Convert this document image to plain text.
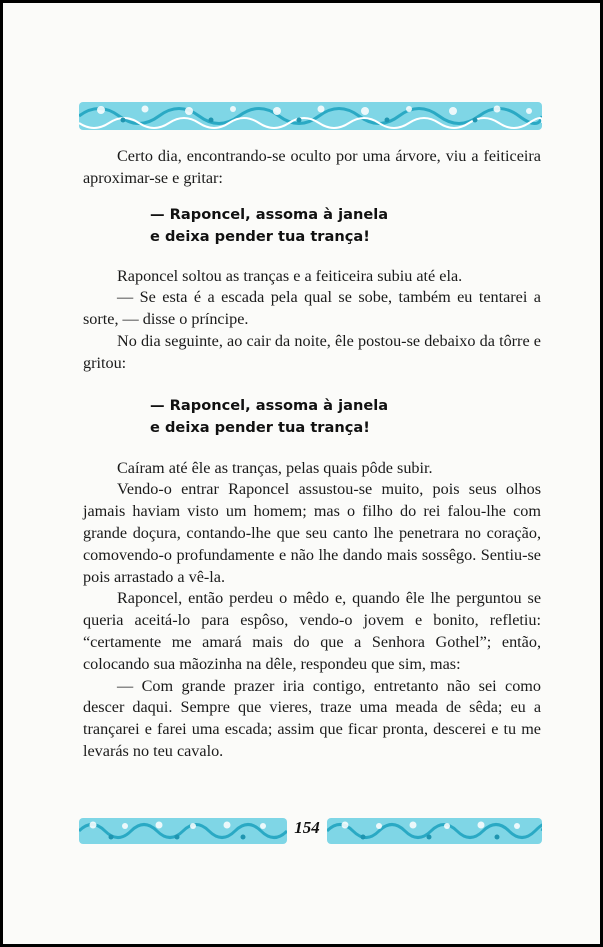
Certo dia, encontrando-se oculto por uma árvore, viu a feiticeira aproximar-se e gritar:

— Raponcel, assoma à janela
e deixa pender tua trança!

Raponcel soltou as tranças e a feiticeira subiu até ela.

— Se esta é a escada pela qual se sobe, também eu tentarei a sorte, — disse o príncipe.

No dia seguinte, ao cair da noite, êle postou-se debaixo da tôrre e gritou:

— Raponcel, assoma à janela
e deixa pender tua trança!

Caíram até êle as tranças, pelas quais pôde subir.

Vendo-o entrar Raponcel assustou-se muito, pois seus olhos jamais haviam visto um homem; mas o filho do rei falou-lhe com grande doçura, contando-lhe que seu canto lhe penetrara no coração, comovendo-o profundamente e não lhe dando mais sossêgo. Sentiu-se pois arrastado a vê-la.

Raponcel, então perdeu o mêdo e, quando êle lhe perguntou se queria aceitá-lo para espôso, vendo-o jovem e bonito, refletiu: “certamente me amará mais do que a Senhora Gothel”; então, colocando sua mãozinha na dêle, respondeu que sim, mas:

— Com grande prazer iria contigo, entretanto não sei como descer daqui. Sempre que vieres, traze uma meada de sêda; eu a trançarei e farei uma escada; assim que ficar pronta, descerei e tu me levarás no teu cavalo.

154
